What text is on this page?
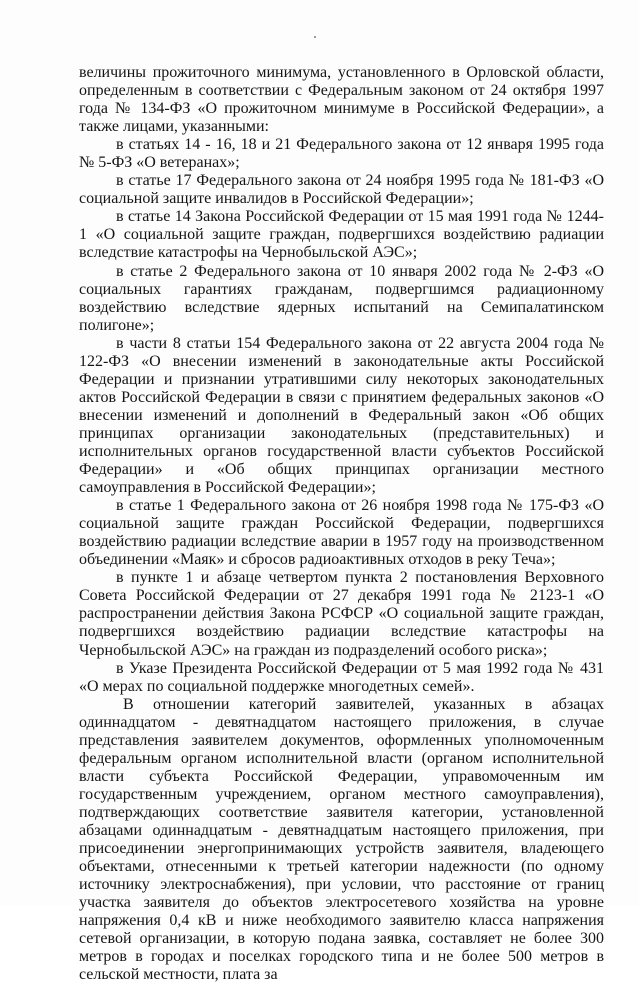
величины прожиточного минимума, установленного в Орловской области, определенным в соответствии с Федеральным законом от 24 октября 1997 года № 134-ФЗ «О прожиточном минимуме в Российской Федерации», а также лицами, указанными:

в статьях 14 - 16, 18 и 21 Федерального закона от 12 января 1995 года № 5-ФЗ «О ветеранах»;

в статье 17 Федерального закона от 24 ноября 1995 года № 181-ФЗ «О социальной защите инвалидов в Российской Федерации»;

в статье 14 Закона Российской Федерации от 15 мая 1991 года № 1244-1 «О социальной защите граждан, подвергшихся воздействию радиации вследствие катастрофы на Чернобыльской АЭС»;

в статье 2 Федерального закона от 10 января 2002 года № 2-ФЗ «О социальных гарантиях гражданам, подвергшимся радиационному воздействию вследствие ядерных испытаний на Семипалатинском полигоне»;

в части 8 статьи 154 Федерального закона от 22 августа 2004 года № 122-ФЗ «О внесении изменений в законодательные акты Российской Федерации и признании утратившими силу некоторых законодательных актов Российской Федерации в связи с принятием федеральных законов «О внесении изменений и дополнений в Федеральный закон «Об общих принципах организации законодательных (представительных) и исполнительных органов государственной власти субъектов Российской Федерации» и «Об общих принципах организации местного самоуправления в Российской Федерации»;

в статье 1 Федерального закона от 26 ноября 1998 года № 175-ФЗ «О социальной защите граждан Российской Федерации, подвергшихся воздействию радиации вследствие аварии в 1957 году на производственном объединении «Маяк» и сбросов радиоактивных отходов в реку Теча»;

в пункте 1 и абзаце четвертом пункта 2 постановления Верховного Совета Российской Федерации от 27 декабря 1991 года № 2123-1 «О распространении действия Закона РСФСР «О социальной защите граждан, подвергшихся воздействию радиации вследствие катастрофы на Чернобыльской АЭС» на граждан из подразделений особого риска»;

в Указе Президента Российской Федерации от 5 мая 1992 года № 431 «О мерах по социальной поддержке многодетных семей».

В отношении категорий заявителей, указанных в абзацах одиннадцатом - девятнадцатом настоящего приложения, в случае представления заявителем документов, оформленных уполномоченным федеральным органом исполнительной власти (органом исполнительной власти субъекта Российской Федерации, управомоченным им государственным учреждением, органом местного самоуправления), подтверждающих соответствие заявителя категории, установленной абзацами одиннадцатым - девятнадцатым настоящего приложения, при присоединении энергопринимающих устройств заявителя, владеющего объектами, отнесенными к третьей категории надежности (по одному источнику электроснабжения), при условии, что расстояние от границ участка заявителя до объектов электросетевого хозяйства на уровне напряжения 0,4 кВ и ниже необходимого заявителю класса напряжения сетевой организации, в которую подана заявка, составляет не более 300 метров в городах и поселках городского типа и не более 500 метров в сельской местности, плата за
